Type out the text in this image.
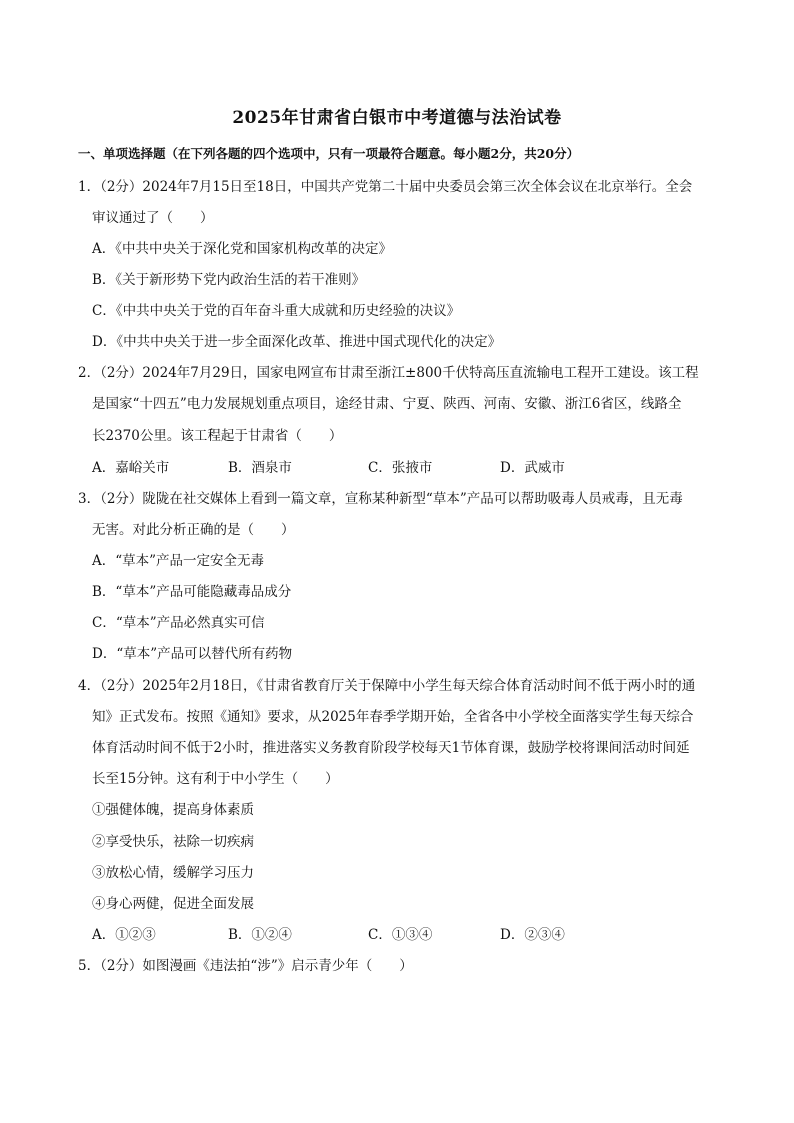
2025年甘肃省白银市中考道德与法治试卷
一、单项选择题（在下列各题的四个选项中，只有一项最符合题意。每小题2分，共20分）
1．（2分）2024年7月15日至18日，中国共产党第二十届中央委员会第三次全体会议在北京举行。全会
审议通过了（　　）
A．《中共中央关于深化党和国家机构改革的决定》
B．《关于新形势下党内政治生活的若干准则》
C．《中共中央关于党的百年奋斗重大成就和历史经验的决议》
D．《中共中央关于进一步全面深化改革、推进中国式现代化的决定》
2．（2分）2024年7月29日，国家电网宣布甘肃至浙江±800千伏特高压直流输电工程开工建设。该工程
是国家“十四五”电力发展规划重点项目，途经甘肃、宁夏、陕西、河南、安徽、浙江6省区，线路全
长2370公里。该工程起于甘肃省（　　）
A．嘉峪关市	B．酒泉市	C．张掖市	D．武威市
3．（2分）陇陇在社交媒体上看到一篇文章，宣称某种新型“草本”产品可以帮助吸毒人员戒毒，且无毒
无害。对此分析正确的是（　　）
A．“草本”产品一定安全无毒
B．“草本”产品可能隐藏毒品成分
C．“草本”产品必然真实可信
D．“草本”产品可以替代所有药物
4．（2分）2025年2月18日，《甘肃省教育厅关于保障中小学生每天综合体育活动时间不低于两小时的通
知》正式发布。按照《通知》要求，从2025年春季学期开始，全省各中小学校全面落实学生每天综合
体育活动时间不低于2小时，推进落实义务教育阶段学校每天1节体育课，鼓励学校将课间活动时间延
长至15分钟。这有利于中小学生（　　）
①强健体魄，提高身体素质
②享受快乐，祛除一切疾病
③放松心情，缓解学习压力
④身心两健，促进全面发展
A．①②③	B．①②④	C．①③④	D．②③④
5．（2分）如图漫画《违法拍“涉”》启示青少年（　　）
